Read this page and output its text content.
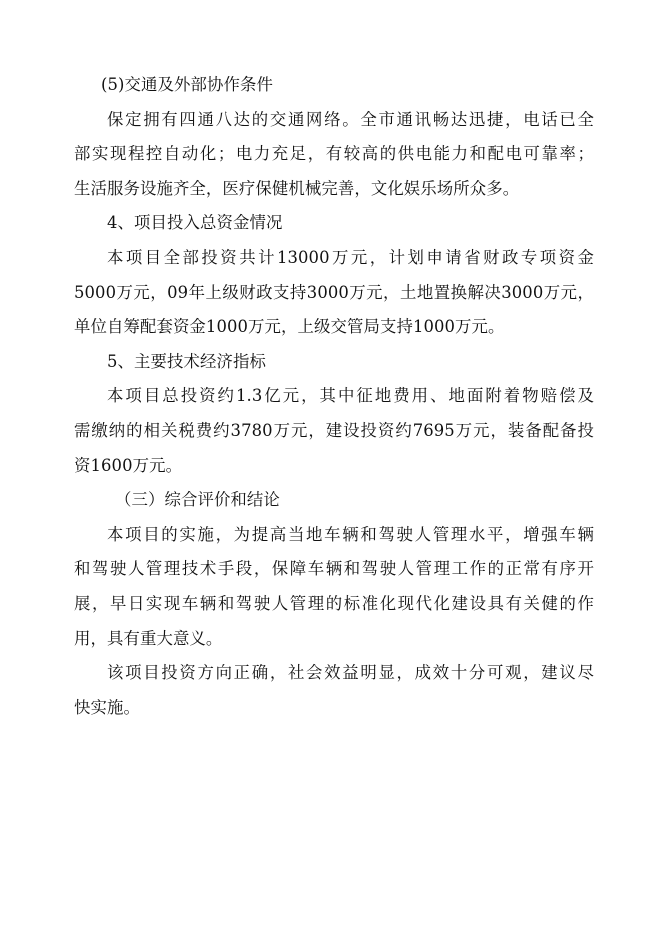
(5)交通及外部协作条件
保定拥有四通八达的交通网络。全市通讯畅达迅捷，电话已全
部实现程控自动化；电力充足，有较高的供电能力和配电可靠率；
生活服务设施齐全，医疗保健机械完善，文化娱乐场所众多。
4、项目投入总资金情况
本项目全部投资共计13000万元，计划申请省财政专项资金
5000万元，09年上级财政支持3000万元，土地置换解决3000万元，
单位自筹配套资金1000万元，上级交管局支持1000万元。
5、主要技术经济指标
本项目总投资约1.3亿元，其中征地费用、地面附着物赔偿及
需缴纳的相关税费约3780万元，建设投资约7695万元，装备配备投
资1600万元。
（三）综合评价和结论
本项目的实施，为提高当地车辆和驾驶人管理水平，增强车辆
和驾驶人管理技术手段，保障车辆和驾驶人管理工作的正常有序开
展，早日实现车辆和驾驶人管理的标准化现代化建设具有关健的作
用，具有重大意义。
该项目投资方向正确，社会效益明显，成效十分可观，建议尽
快实施。
